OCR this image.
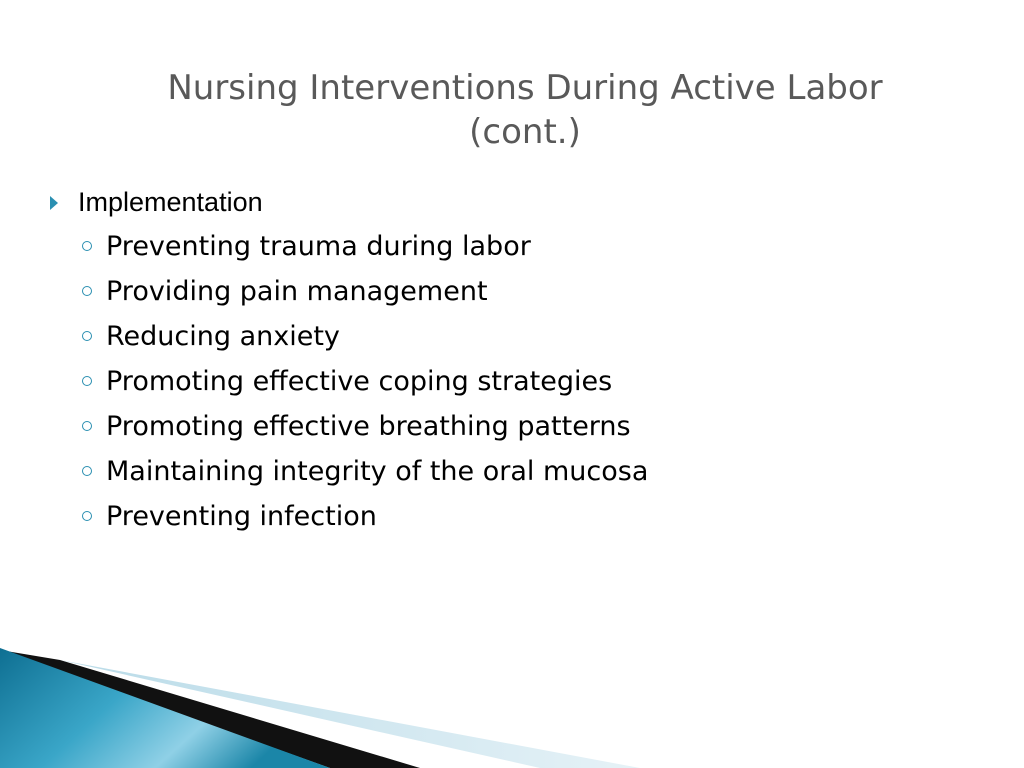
Nursing Interventions During Active Labor
(cont.)
Implementation
Preventing trauma during labor
Providing pain management
Reducing anxiety
Promoting effective coping strategies
Promoting effective breathing patterns
Maintaining integrity of the oral mucosa
Preventing infection
